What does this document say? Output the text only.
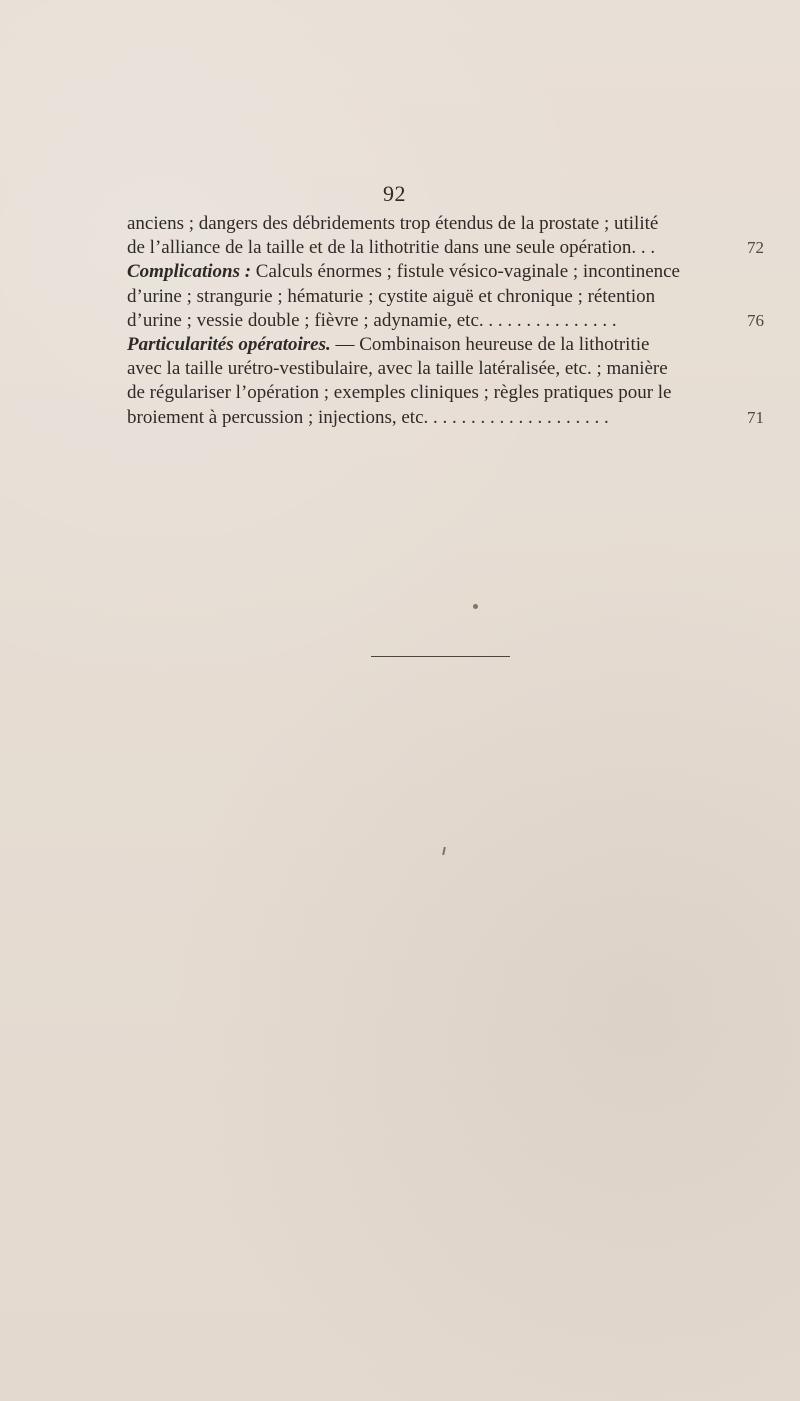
92
anciens ; dangers des débridements trop étendus de la prostate ; utilité
de l’alliance de la taille et de la lithotritie dans une seule opération. . .	72
Complications : Calculs énormes ; fistule vésico-vaginale ; incontinence
d’urine ; strangurie ; hématurie ; cystite aiguë et chronique ; rétention
d’urine ; vessie double ; fièvre ; adynamie, etc. . . . . . . . . . . . . . .	76
Particularités opératoires. — Combinaison heureuse de la lithotritie
avec la taille urétro-vestibulaire, avec la taille latéralisée, etc. ; manière
de régulariser l’opération ; exemples cliniques ; règles pratiques pour le
broiement à percussion ; injections, etc. . . . . . . . . . . . . . . . . . . .	71
